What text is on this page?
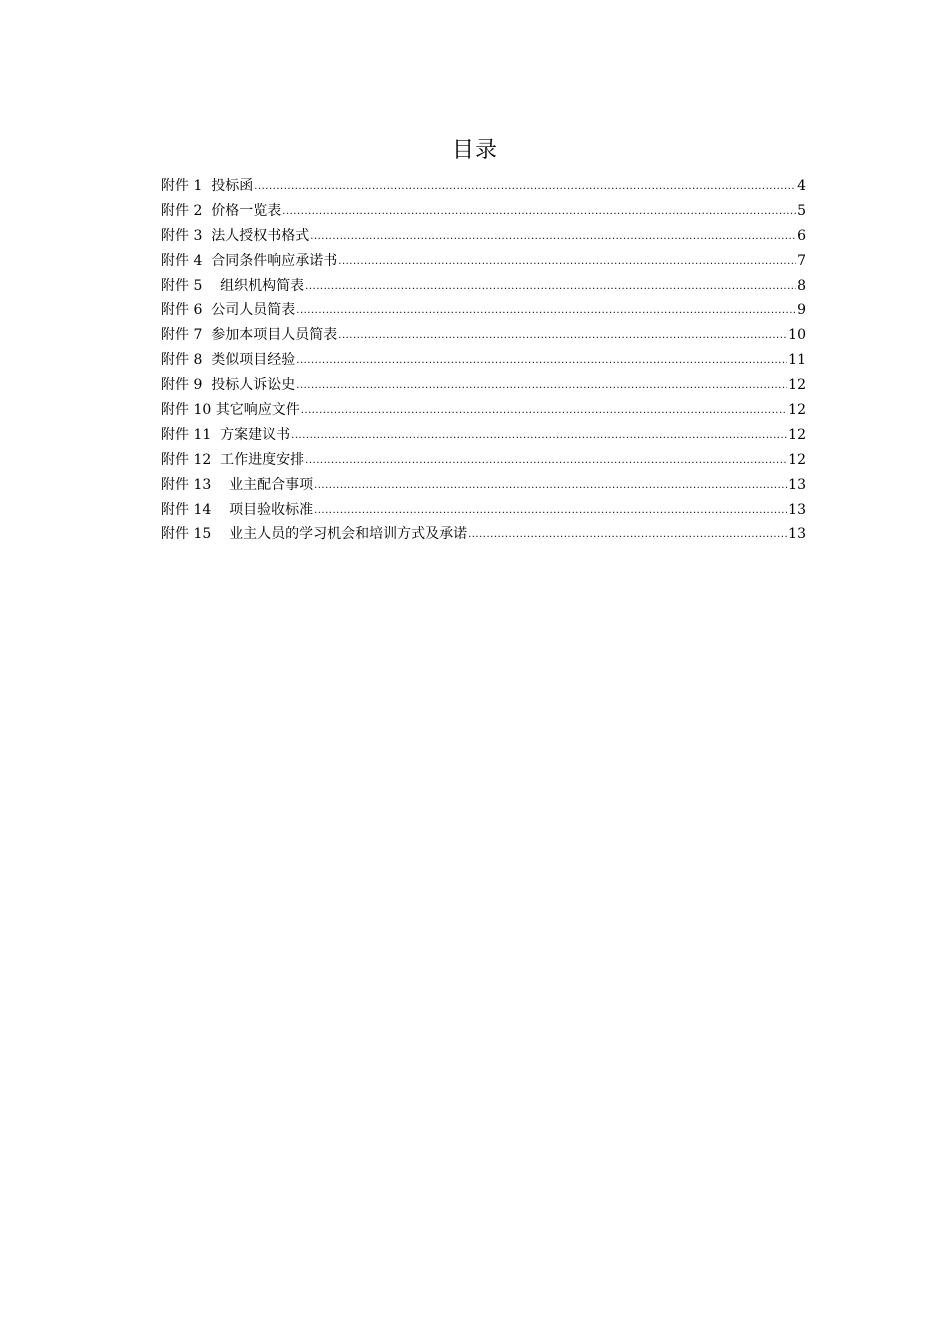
目录
附件 1  投标函 .....	4
附件 2  价格一览表 .....	5
附件 3  法人授权书格式 .....	6
附件 4  合同条件响应承诺书 .....	7
附件 5    组织机构简表 .....	8
附件 6  公司人员简表 .....	9
附件 7  参加本项目人员简表 .....	10
附件 8  类似项目经验 .....	11
附件 9  投标人诉讼史 .....	12
附件 10 其它响应文件 .....	12
附件 11  方案建议书 .....	12
附件 12  工作进度安排 .....	12
附件 13    业主配合事项 .....	13
附件 14    项目验收标准 .....	13
附件 15    业主人员的学习机会和培训方式及承诺 .....	13
